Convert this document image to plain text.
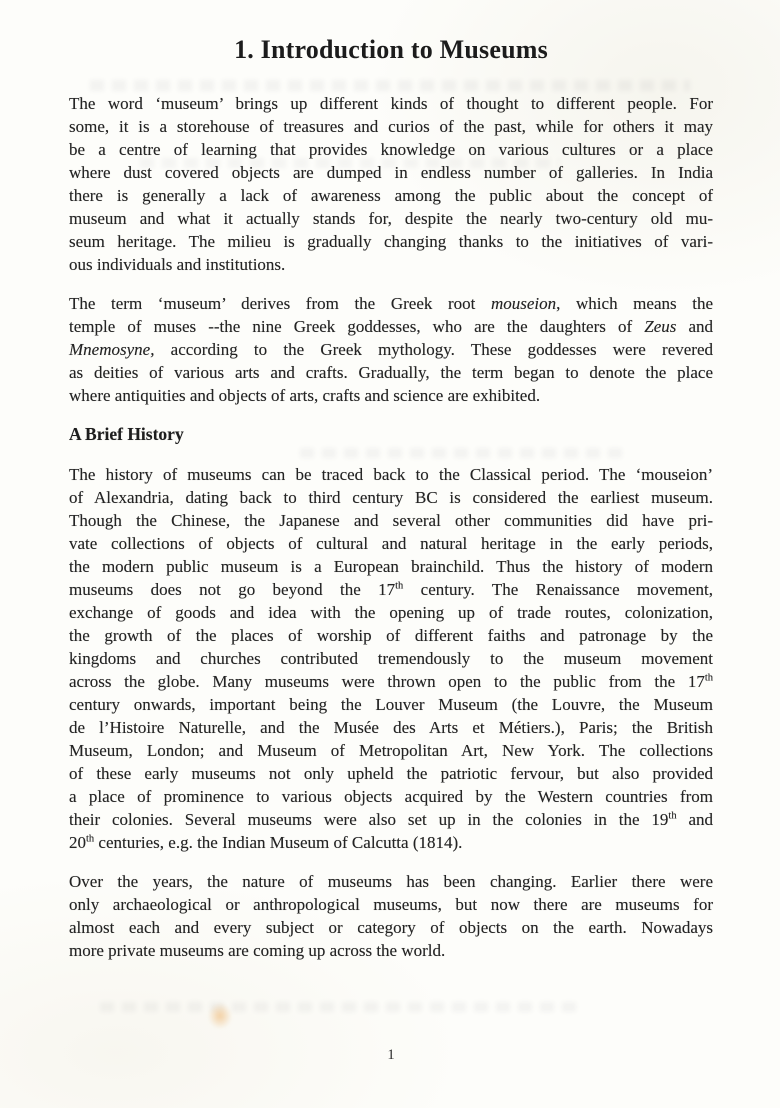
1. Introduction to Museums

The word ‘museum’ brings up different kinds of thought to different people. For
some, it is a storehouse of treasures and curios of the past, while for others it may
be a centre of learning that provides knowledge on various cultures or a place
where dust covered objects are dumped in endless number of galleries. In India
there is generally a lack of awareness among the public about the concept of
museum and what it actually stands for, despite the nearly two-century old mu-
seum heritage. The milieu is gradually changing thanks to the initiatives of vari-
ous individuals and institutions.

The term ‘museum’ derives from the Greek root mouseion, which means the
temple of muses --the nine Greek goddesses, who are the daughters of Zeus and
Mnemosyne, according to the Greek mythology. These goddesses were revered
as deities of various arts and crafts. Gradually, the term began to denote the place
where antiquities and objects of arts, crafts and science are exhibited.

A Brief History

The history of museums can be traced back to the Classical period. The ‘mouseion’
of Alexandria, dating back to third century BC is considered the earliest museum.
Though the Chinese, the Japanese and several other communities did have pri-
vate collections of objects of cultural and natural heritage in the early periods,
the modern public museum is a European brainchild. Thus the history of modern
museums does not go beyond the 17th century. The Renaissance movement,
exchange of goods and idea with the opening up of trade routes, colonization,
the growth of the places of worship of different faiths and patronage by the
kingdoms and churches contributed tremendously to the museum movement
across the globe. Many museums were thrown open to the public from the 17th
century onwards, important being the Louver Museum (the Louvre, the Museum
de l’Histoire Naturelle, and the Musée des Arts et Métiers.), Paris; the British
Museum, London; and Museum of Metropolitan Art, New York. The collections
of these early museums not only upheld the patriotic fervour, but also provided
a place of prominence to various objects acquired by the Western countries from
their colonies. Several museums were also set up in the colonies in the 19th and
20th centuries, e.g. the Indian Museum of Calcutta (1814).

Over the years, the nature of museums has been changing. Earlier there were
only archaeological or anthropological museums, but now there are museums for
almost each and every subject or category of objects on the earth. Nowadays
more private museums are coming up across the world.

1
